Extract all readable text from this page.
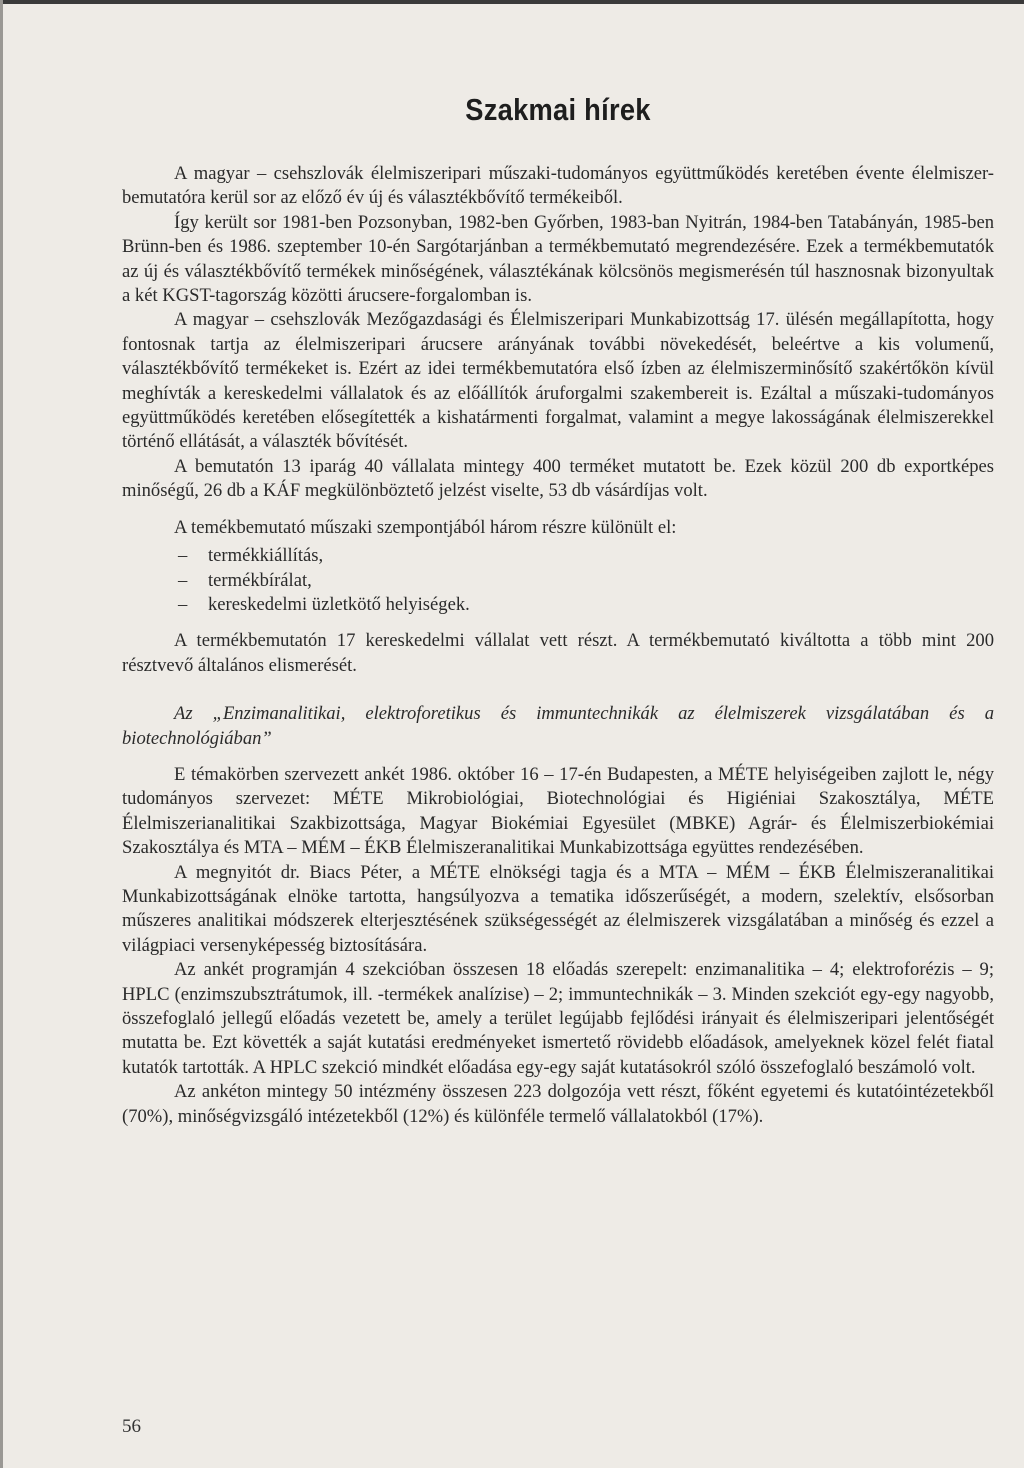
Szakmai hírek

A magyar – csehszlovák élelmiszeripari műszaki-tudományos együttműködés keretében évente élelmiszer-bemutatóra kerül sor az előző év új és választékbővítő termékeiből.

Így került sor 1981-ben Pozsonyban, 1982-ben Győrben, 1983-ban Nyitrán, 1984-ben Tatabányán, 1985-ben Brünn-ben és 1986. szeptember 10-én Sargótarjánban a termékbemutató megrendezésére. Ezek a termékbemutatók az új és választékbővítő termékek minőségének, választékának kölcsönös megismerésén túl hasznosnak bizonyultak a két KGST-tagország közötti árucsere-forgalomban is.

A magyar – csehszlovák Mezőgazdasági és Élelmiszeripari Munkabizottság 17. ülésén megállapította, hogy fontosnak tartja az élelmiszeripari árucsere arányának további növekedését, beleértve a kis volumenű, választékbővítő termékeket is. Ezért az idei termékbemutatóra első ízben az élelmiszerminősítő szakértőkön kívül meghívták a kereskedelmi vállalatok és az előállítók áruforgalmi szakembereit is. Ezáltal a műszaki-tudományos együttműködés keretében elősegítették a kishatármenti forgalmat, valamint a megye lakosságának élelmiszerekkel történő ellátását, a választék bővítését.

A bemutatón 13 iparág 40 vállalata mintegy 400 terméket mutatott be. Ezek közül 200 db exportképes minőségű, 26 db a KÁF megkülönböztető jelzést viselte, 53 db vásárdíjas volt.

A temékbemutató műszaki szempontjából három részre különült el:

– termékkiállítás,
– termékbírálat,
– kereskedelmi üzletkötő helyiségek.

A termékbemutatón 17 kereskedelmi vállalat vett részt. A termékbemutató kiváltotta a több mint 200 résztvevő általános elismerését.

Az „Enzimanalitikai, elektroforetikus és immuntechnikák az élelmiszerek vizsgálatában és a biotechnológiában”

E témakörben szervezett ankét 1986. október 16 – 17-én Budapesten, a MÉTE helyiségeiben zajlott le, négy tudományos szervezet: MÉTE Mikrobiológiai, Biotechnológiai és Higiéniai Szakosztálya, MÉTE Élelmiszerianalitikai Szakbizottsága, Magyar Biokémiai Egyesület (MBKE) Agrár- és Élelmiszerbiokémiai Szakosztálya és MTA – MÉM – ÉKB Élelmiszeranalitikai Munkabizottsága együttes rendezésében.

A megnyitót dr. Biacs Péter, a MÉTE elnökségi tagja és a MTA – MÉM – ÉKB Élelmiszeranalitikai Munkabizottságának elnöke tartotta, hangsúlyozva a tematika időszerűségét, a modern, szelektív, elsősorban műszeres analitikai módszerek elterjesztésének szükségességét az élelmiszerek vizsgálatában a minőség és ezzel a világpiaci versenyképesség biztosítására.

Az ankét programján 4 szekcióban összesen 18 előadás szerepelt: enzimanalitika – 4; elektroforézis – 9; HPLC (enzimszubsztrátumok, ill. -termékek analízise) – 2; immuntechnikák – 3. Minden szekciót egy-egy nagyobb, összefoglaló jellegű előadás vezetett be, amely a terület legújabb fejlődési irányait és élelmiszeripari jelentőségét mutatta be. Ezt követték a saját kutatási eredményeket ismertető rövidebb előadások, amelyeknek közel felét fiatal kutatók tartották. A HPLC szekció mindkét előadása egy-egy saját kutatásokról szóló összefoglaló beszámoló volt.

Az ankéton mintegy 50 intézmény összesen 223 dolgozója vett részt, főként egyetemi és kutatóintézetekből (70%), minőségvizsgáló intézetekből (12%) és különféle termelő vállalatokból (17%).

56
